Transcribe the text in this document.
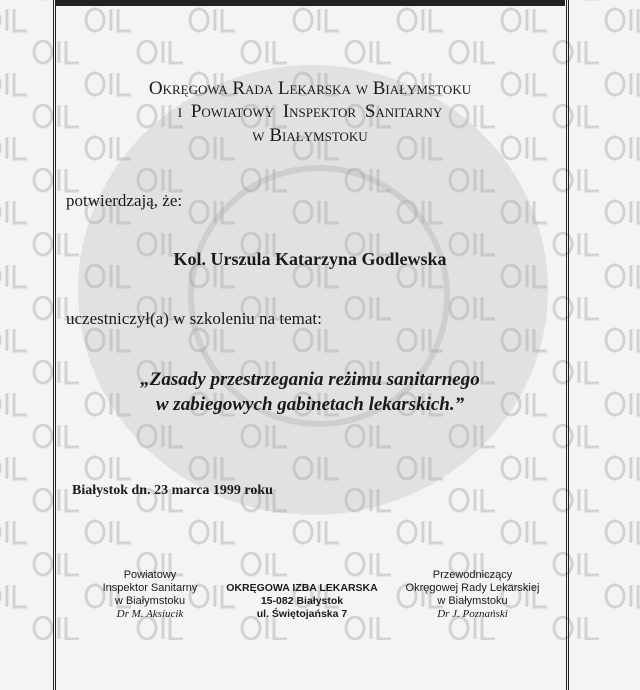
Okręgowa Rada Lekarska w Białymstoku
i Powiatowy Inspektor Sanitarny
w Białymstoku
potwierdzają, że:
Kol. Urszula Katarzyna Godlewska
uczestniczył(a) w szkoleniu na temat:
„Zasady przestrzegania reżimu sanitarnego
w zabiegowych gabinetach lekarskich.”
Białystok dn. 23 marca 1999 roku
Powiatowy
Inspektor Sanitarny
w Białymstoku
Dr M. Aksiucik
OKRĘGOWA IZBA LEKARSKA
15-082 Białystok
ul. Świętojańska 7
Przewodniczący
Okręgowej Rady Lekarskiej
w Białymstoku
Dr J. Poznański
